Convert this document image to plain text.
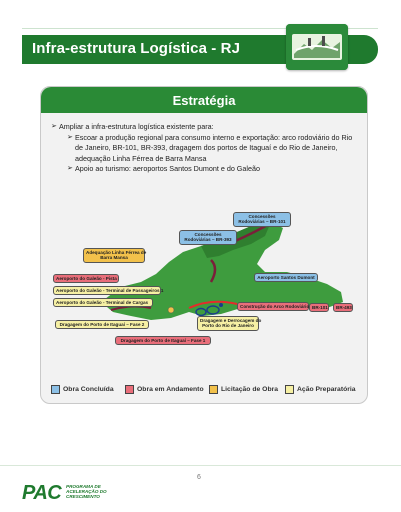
Infra-estrutura Logística - RJ
Estratégia

➢ Ampliar a infra-estrutura logística existente para:

➢ Escoar a produção regional para consumo interno e exportação: arco rodoviário do Rio de Janeiro, BR-101, BR-393, dragagem dos portos de Itaguaí e do Rio de Janeiro, adequação Linha Férrea de Barra Mansa

➢ Apoio ao turismo: aeroportos Santos Dumont e do Galeão

Concessões
Rodoviárias – BR-101
Concessões
Rodoviárias – BR-393
Adequação Linha Férrea de
Barra Mansa
Aeroporto do Galeão - Pista
Aeroporto do Galeão - Terminal de Passageiros 1
Aeroporto do Galeão - Terminal de Cargas
Aeroporto Santos Dumont
Construção do Arco Rodoviário BR-101	BR-493
Dragagem do Porto de Itaguaí – Fase 2
Dragagem e Derrocagem do
Porto do Rio de Janeiro
Dragagem do Porto de Itaguaí – Fase 1
Obra Concluída	Obra em Andamento	Licitação de Obra	Ação Preparatória
6
PAC PROGRAMA DE
ACELERAÇÃO DO
CRESCIMENTO
